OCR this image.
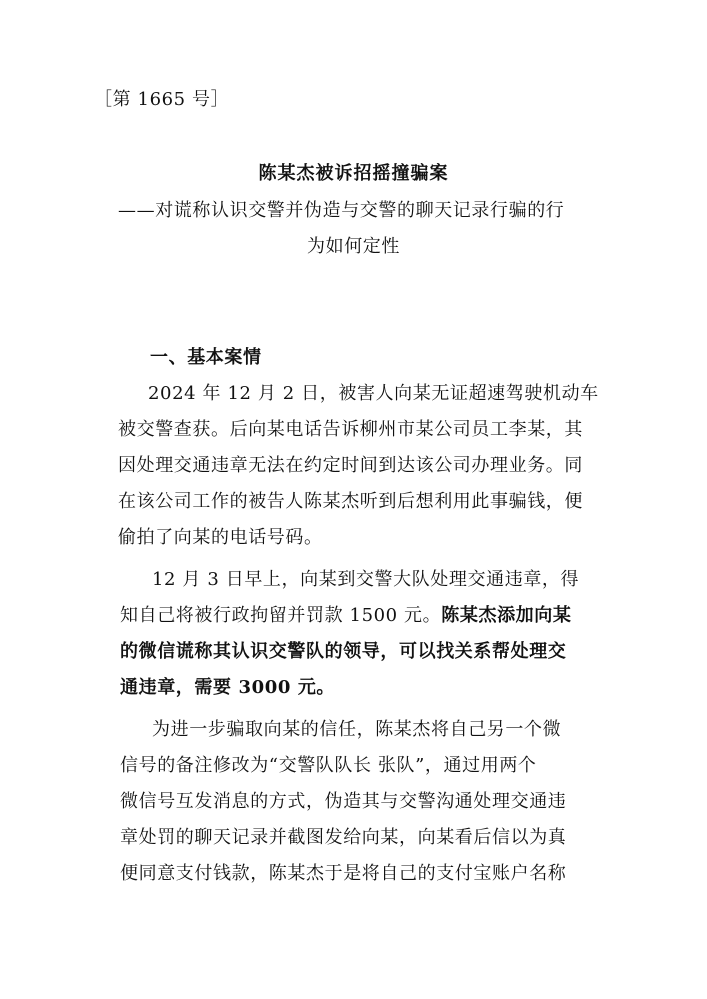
［第 1665 号］
陈某杰被诉招摇撞骗案
——对谎称认识交警并伪造与交警的聊天记录行骗的行
为如何定性
一、基本案情
2024 年 12 月 2 日，被害人向某无证超速驾驶机动车
被交警查获。后向某电话告诉柳州市某公司员工李某，其
因处理交通违章无法在约定时间到达该公司办理业务。同
在该公司工作的被告人陈某杰听到后想利用此事骗钱，便
偷拍了向某的电话号码。
12 月 3 日早上，向某到交警大队处理交通违章，得
知自己将被行政拘留并罚款 1500 元。陈某杰添加向某
的微信谎称其认识交警队的领导，可以找关系帮处理交
通违章，需要 3000 元。
为进一步骗取向某的信任，陈某杰将自己另一个微
信号的备注修改为“交警队队长 张队”，通过用两个
微信号互发消息的方式，伪造其与交警沟通处理交通违
章处罚的聊天记录并截图发给向某，向某看后信以为真
便同意支付钱款，陈某杰于是将自己的支付宝账户名称
